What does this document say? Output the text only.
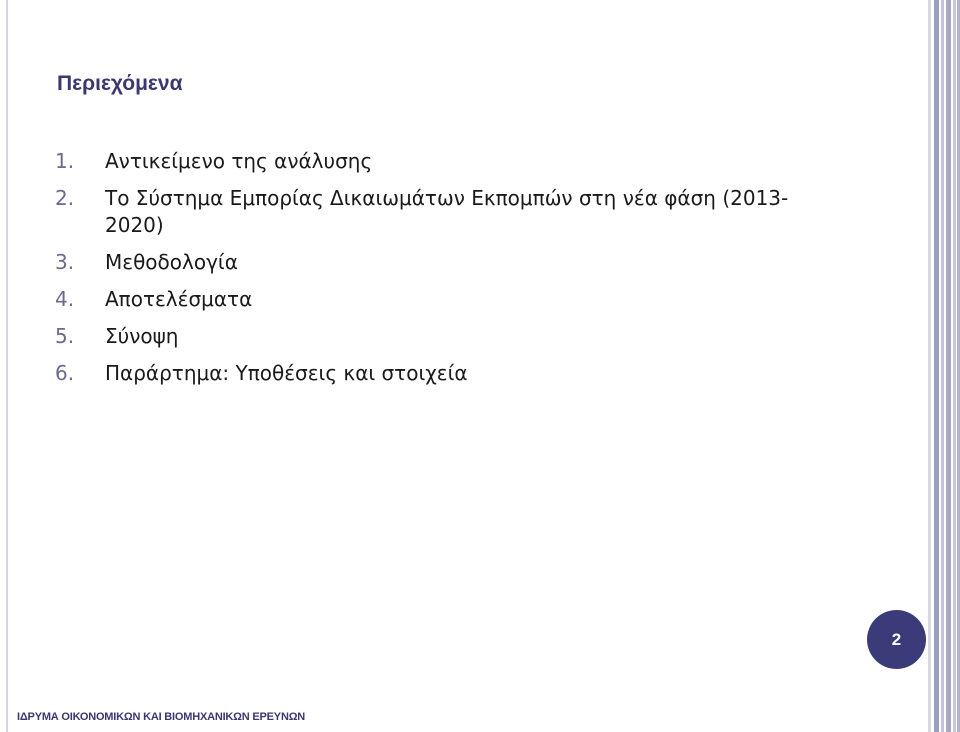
Περιεχόμενα
1.	Αντικείμενο της ανάλυσης
2.	Το Σύστημα Εμπορίας Δικαιωμάτων Εκπομπών στη νέα φάση (2013-2020)
3.	Μεθοδολογία
4.	Αποτελέσματα
5.	Σύνοψη
6.	Παράρτημα: Υποθέσεις και στοιχεία
2
ΙΔΡΥΜΑ ΟΙΚΟΝΟΜΙΚΩΝ ΚΑΙ ΒΙΟΜΗΧΑΝΙΚΩΝ ΕΡΕΥΝΩΝ
